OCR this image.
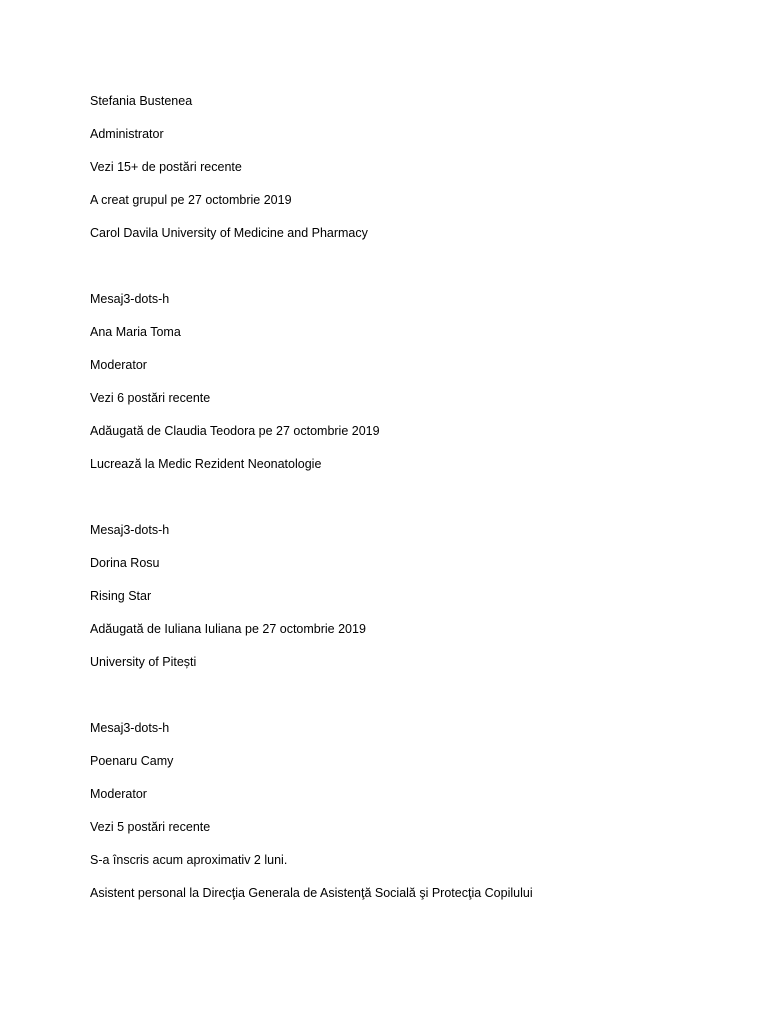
Stefania Bustenea
Administrator
Vezi 15+ de postări recente
A creat grupul pe 27 octombrie 2019
Carol Davila University of Medicine and Pharmacy
Mesaj3-dots-h
Ana Maria Toma
Moderator
Vezi 6 postări recente
Adăugată de Claudia Teodora pe 27 octombrie 2019
Lucrează la Medic Rezident Neonatologie
Mesaj3-dots-h
Dorina Rosu
Rising Star
Adăugată de Iuliana Iuliana pe 27 octombrie 2019
University of Pitești
Mesaj3-dots-h
Poenaru Camy
Moderator
Vezi 5 postări recente
S-a înscris acum aproximativ 2 luni.
Asistent personal la Direcţia Generala de Asistenţă Socială şi Protecţia Copilului
